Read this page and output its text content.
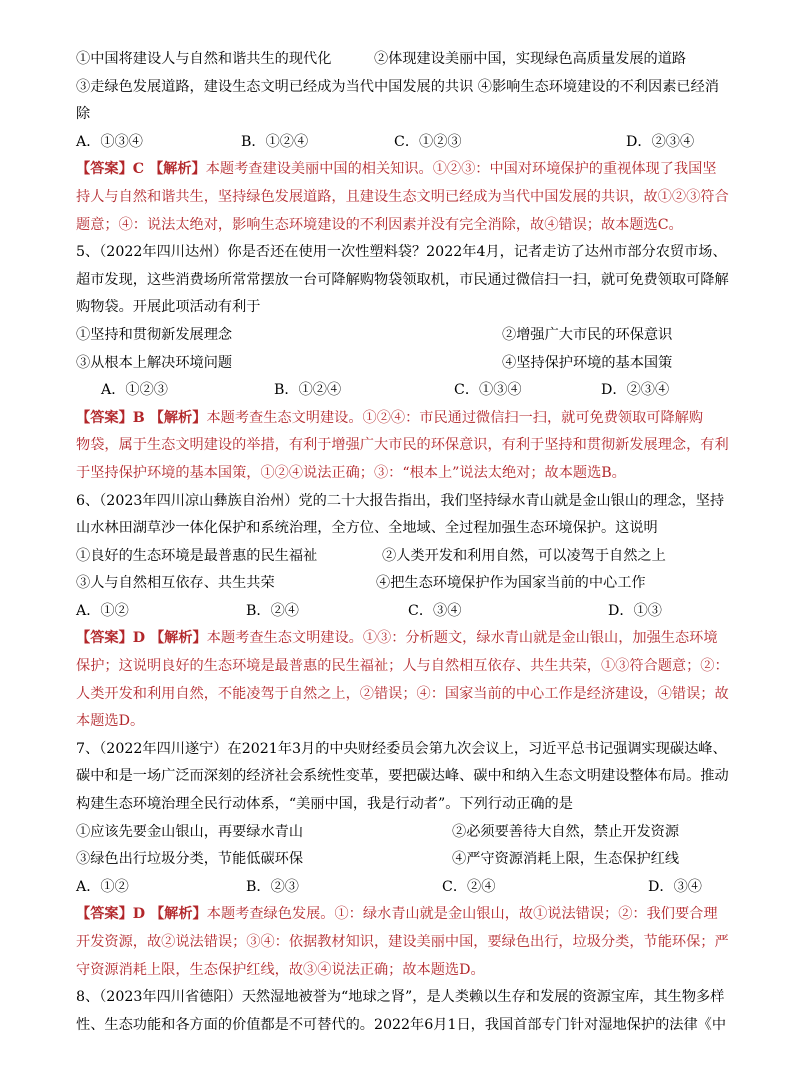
①中国将建设人与自然和谐共生的现代化　　　②体现建设美丽中国，实现绿色高质量发展的道路
③走绿色发展道路，建设生态文明已经成为当代中国发展的共识 ④影响生态环境建设的不利因素已经消
除
A．①③④	B．①②④	C．①②③	D．②③④
【答案】C 【解析】本题考查建设美丽中国的相关知识。①②③：中国对环境保护的重视体现了我国坚
持人与自然和谐共生，坚持绿色发展道路，且建设生态文明已经成为当代中国发展的共识，故①②③符合
题意；④：说法太绝对，影响生态环境建设的不利因素并没有完全消除，故④错误；故本题选C。
5、（2022年四川达州）你是否还在使用一次性塑料袋？2022年4月，记者走访了达州市部分农贸市场、
超市发现，这些消费场所常常摆放一台可降解购物袋领取机，市民通过微信扫一扫，就可免费领取可降解
购物袋。开展此项活动有利于
①坚持和贯彻新发展理念	②增强广大市民的环保意识
③从根本上解决环境问题	④坚持保护环境的基本国策
A．①②③	B．①②④	C．①③④	D．②③④
【答案】B 【解析】本题考查生态文明建设。①②④：市民通过微信扫一扫，就可免费领取可降解购
物袋，属于生态文明建设的举措，有利于增强广大市民的环保意识，有利于坚持和贯彻新发展理念，有利
于坚持保护环境的基本国策，①②④说法正确；③：“根本上”说法太绝对；故本题选B。
6、（2023年四川凉山彝族自治州）党的二十大报告指出，我们坚持绿水青山就是金山银山的理念，坚持
山水林田湖草沙一体化保护和系统治理，全方位、全地域、全过程加强生态环境保护。这说明
①良好的生态环境是最普惠的民生福祉	②人类开发和利用自然，可以凌驾于自然之上
③人与自然相互依存、共生共荣	④把生态环境保护作为国家当前的中心工作
A．①②	B．②④	C．③④	D．①③
【答案】D 【解析】本题考查生态文明建设。①③：分析题文，绿水青山就是金山银山，加强生态环境
保护；这说明良好的生态环境是最普惠的民生福祉；人与自然相互依存、共生共荣，①③符合题意；②：
人类开发和利用自然，不能凌驾于自然之上，②错误；④：国家当前的中心工作是经济建设，④错误；故
本题选D。
7、（2022年四川遂宁）在2021年3月的中央财经委员会第九次会议上，习近平总书记强调实现碳达峰、
碳中和是一场广泛而深刻的经济社会系统性变革，要把碳达峰、碳中和纳入生态文明建设整体布局。推动
构建生态环境治理全民行动体系，“美丽中国，我是行动者”。下列行动正确的是
①应该先要金山银山，再要绿水青山	②必须要善待大自然，禁止开发资源
③绿色出行垃圾分类，节能低碳环保	④严守资源消耗上限，生态保护红线
A．①②	B．②③	C．②④	D．③④
【答案】D 【解析】本题考查绿色发展。①：绿水青山就是金山银山，故①说法错误；②：我们要合理
开发资源，故②说法错误；③④：依据教材知识，建设美丽中国，要绿色出行，垃圾分类，节能环保；严
守资源消耗上限，生态保护红线，故③④说法正确；故本题选D。
8、（2023年四川省德阳）天然湿地被誉为“地球之肾”，是人类赖以生存和发展的资源宝库，其生物多样
性、生态功能和各方面的价值都是不可替代的。2022年6月1日，我国首部专门针对湿地保护的法律《中
